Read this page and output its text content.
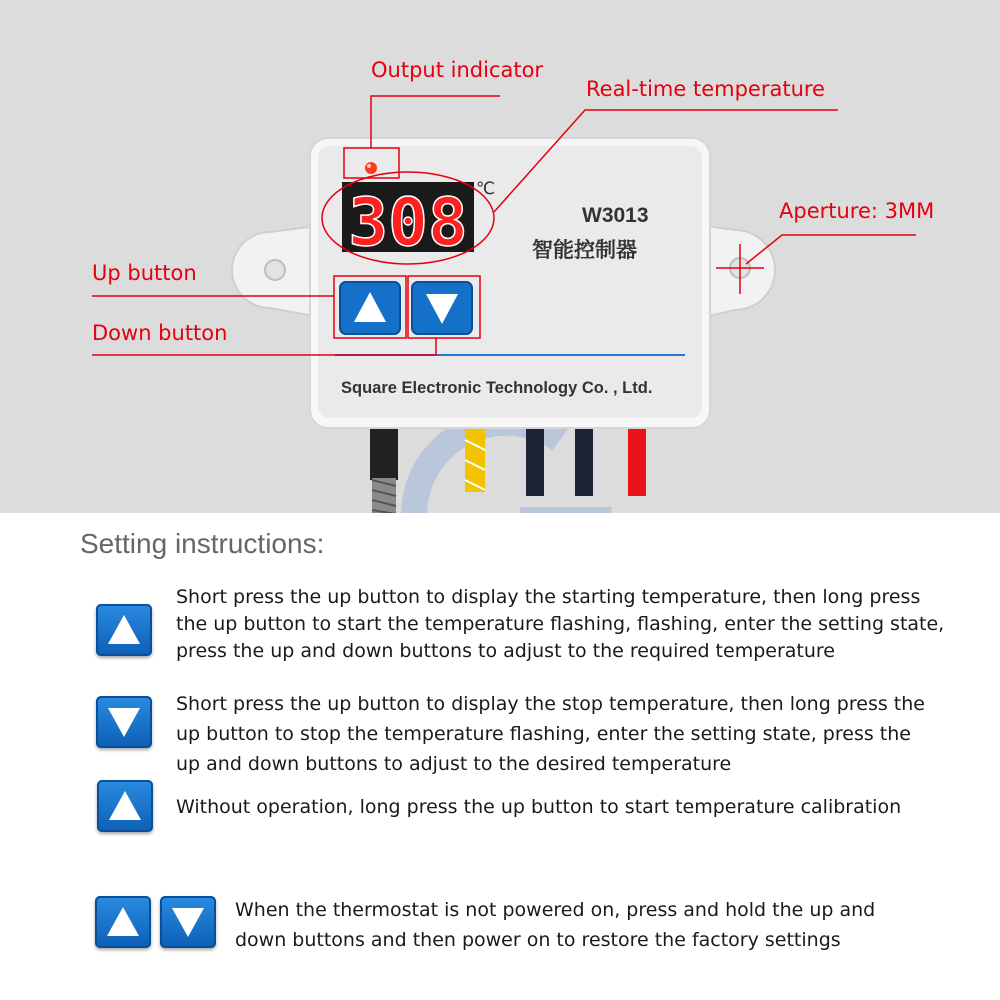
308 ℃
W3013
智能控制器
Square Electronic Technology Co. , Ltd.
Output indicator
Real-time temperature
Aperture: 3MM
Up button
Down button
Setting instructions:

Short press the up button to display the starting temperature, then long press
the up button to start the temperature flashing, flashing, enter the setting state,
press the up and down buttons to adjust to the required temperature

Short press the up button to display the stop temperature, then long press the
up button to stop the temperature flashing, enter the setting state, press the
up and down buttons to adjust to the desired temperature

Without operation, long press the up button to start temperature calibration

When the thermostat is not powered on, press and hold the up and
down buttons and then power on to restore the factory settings
